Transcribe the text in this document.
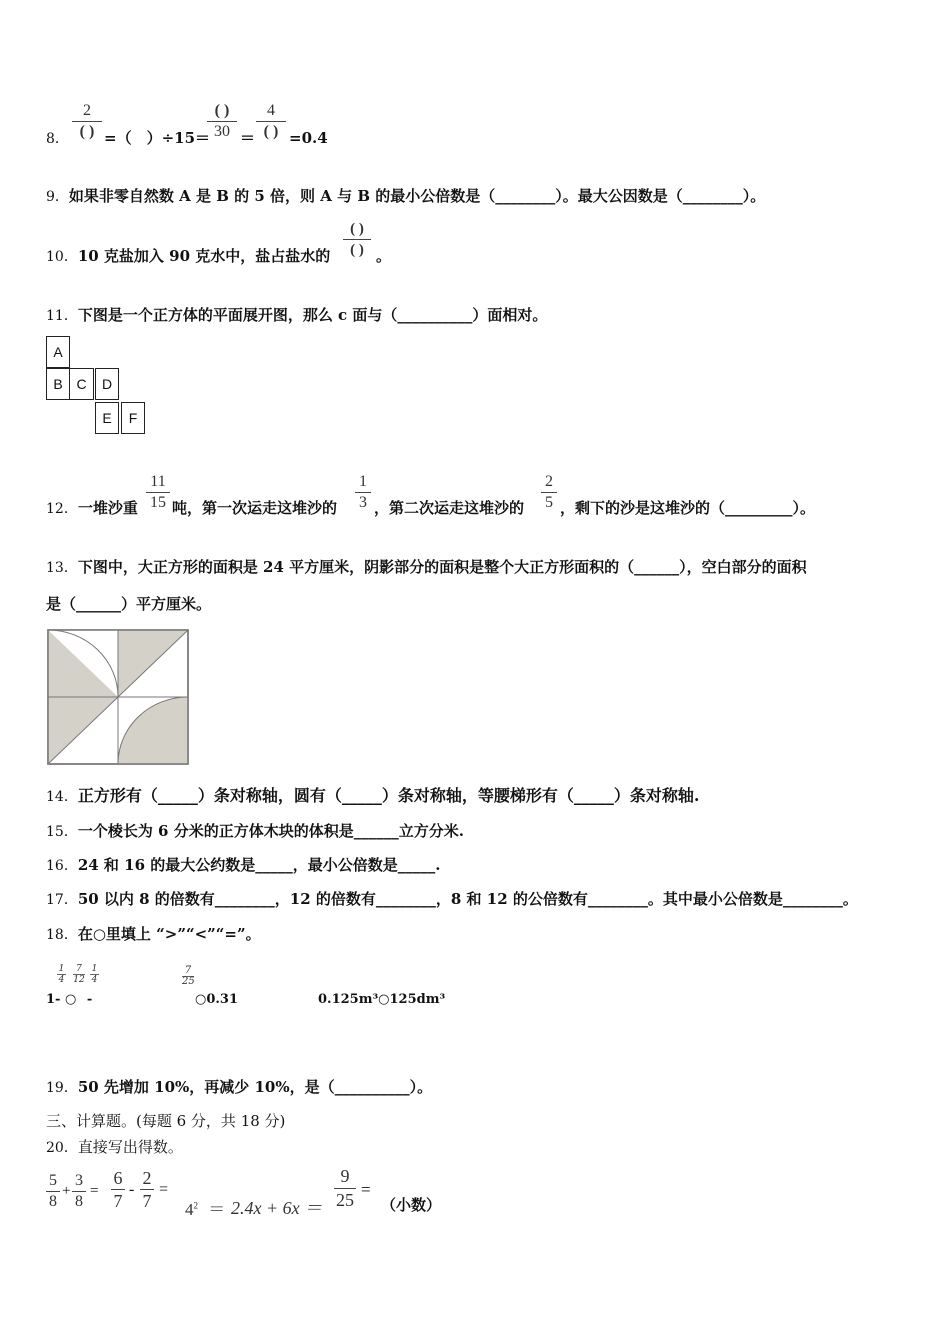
8．
2
( ) =（　）÷15＝
( )
30 ＝
4
( ) =0.4
9．如果非零自然数 A 是 B 的 5 倍，则 A 与 B 的最小公倍数是（________）。最大公因数是（________）。
10．10 克盐加入 90 克水中，盐占盐水的
( )
( ) 。
11．下图是一个正方体的平面展开图，那么 c 面与（__________）面相对。
A
B C	D
E	F
12．一堆沙重
11
15 吨，第一次运走这堆沙的
1
3 ，第二次运走这堆沙的
2
5 ，剩下的沙是这堆沙的（_________）。
13．下图中，大正方形的面积是 24 平方厘米，阴影部分的面积是整个大正方形面积的（______），空白部分的面积
是（______）平方厘米。
14．正方形有（_____）条对称轴，圆有（_____）条对称轴，等腰梯形有（_____）条对称轴.
15．一个棱长为 6 分米的正方体木块的体积是______立方分米.
16．24 和 16 的最大公约数是_____，最小公倍数是_____.
17．50 以内 8 的倍数有________，12 的倍数有________，8 和 12 的公倍数有________。其中最小公倍数是________。
18．在○里填上 “>”“<”“=”。
1
4
7
12
1
4
1- ○ -
7
25
○0.31	0.125m³○125dm³
19．50 先增加 10%，再减少 10%，是（__________）。
三、计算题。(每题 6 分，共 18 分)
20．直接写出得数。
5
8
+
3
8
=
6
7
-
2
7
=
$4^2 = 2.4x + 6x$ ＝
9
25
=
（小数）
